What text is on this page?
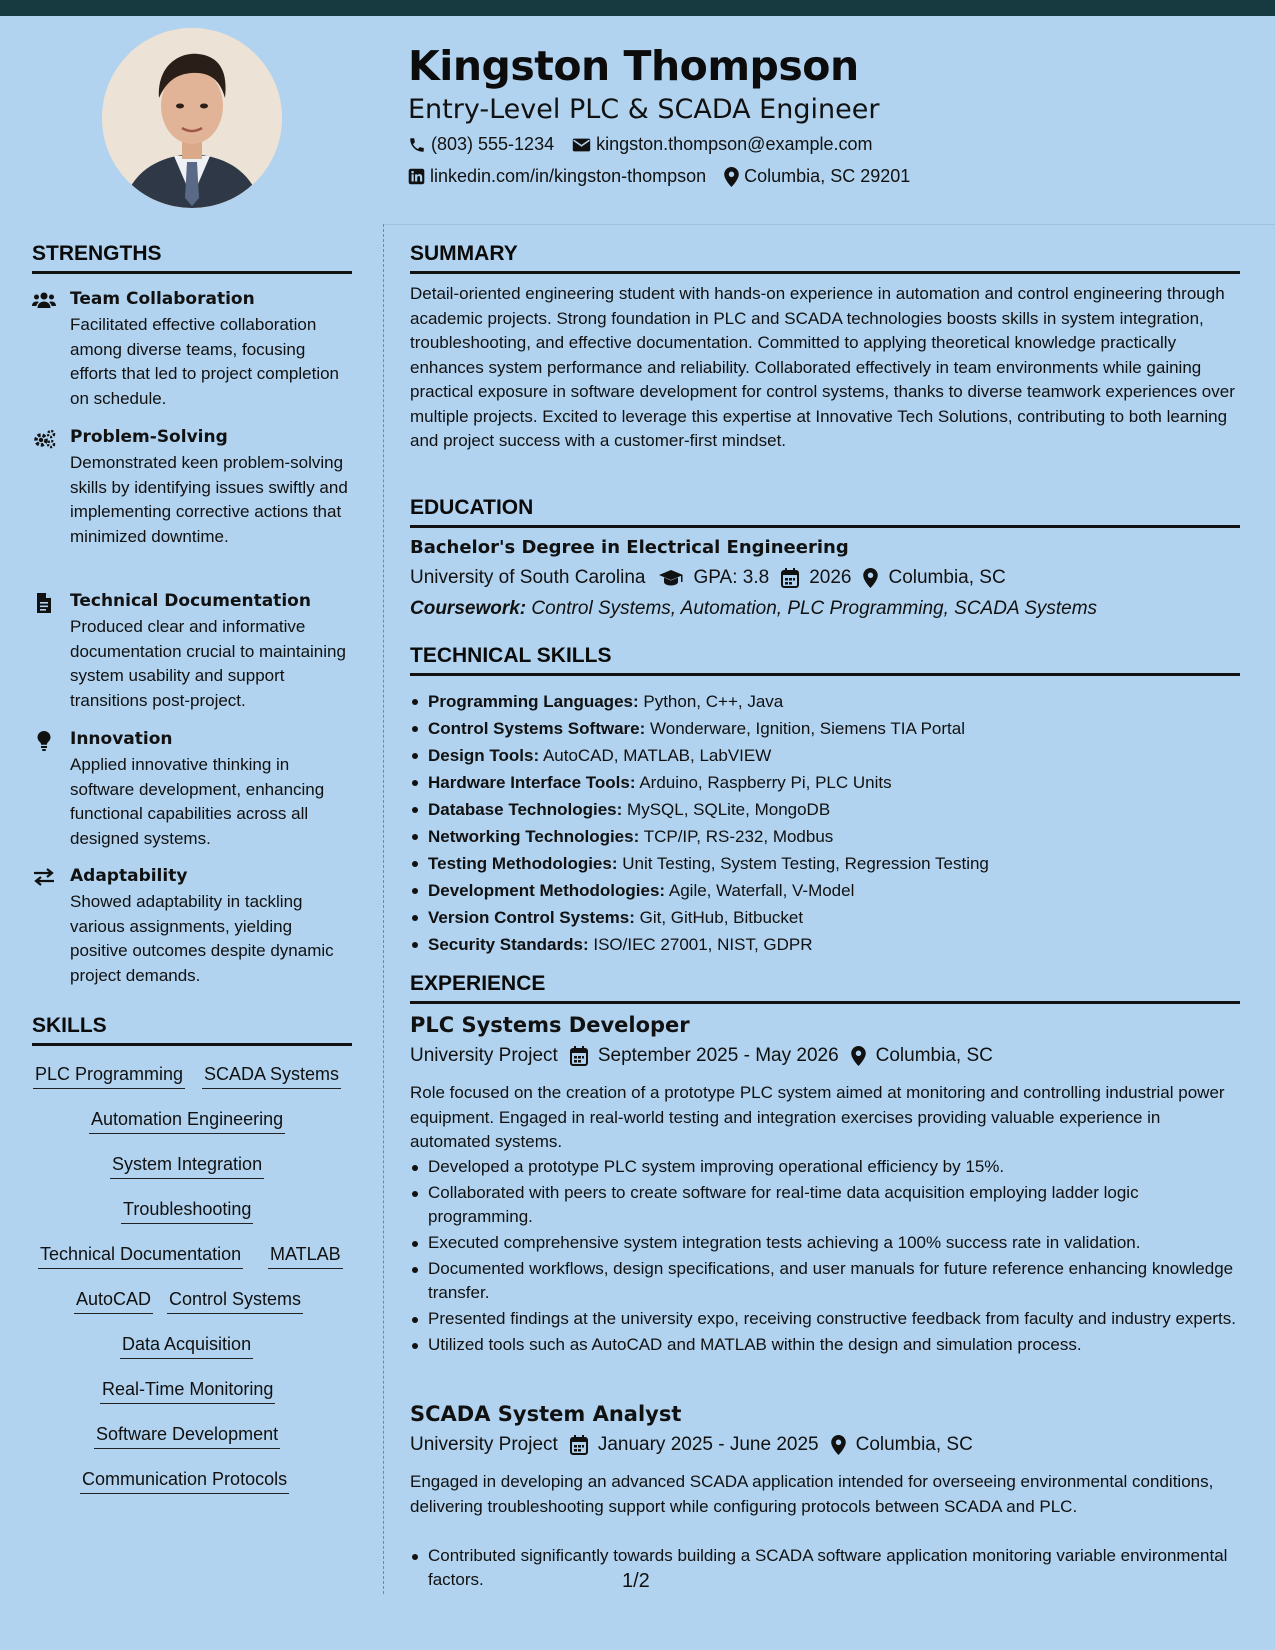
Kingston Thompson
Entry-Level PLC & SCADA Engineer
(803) 555-1234 kingston.thompson@example.com
linkedin.com/in/kingston-thompson Columbia, SC 29201
STRENGTHS
Team Collaboration
Facilitated effective collaboration among diverse teams, focusing efforts that led to project completion on schedule.
Problem-Solving
Demonstrated keen problem-solving skills by identifying issues swiftly and implementing corrective actions that minimized downtime.
Technical Documentation
Produced clear and informative documentation crucial to maintaining system usability and support transitions post-project.
Innovation
Applied innovative thinking in software development, enhancing functional capabilities across all designed systems.
Adaptability
Showed adaptability in tackling various assignments, yielding positive outcomes despite dynamic project demands.
SKILLS
PLC Programming SCADA Systems
Automation Engineering
System Integration
Troubleshooting
Technical Documentation MATLAB
AutoCAD Control Systems
Data Acquisition
Real-Time Monitoring
Software Development
Communication Protocols
SUMMARY
Detail-oriented engineering student with hands-on experience in automation and control engineering through academic projects. Strong foundation in PLC and SCADA technologies boosts skills in system integration, troubleshooting, and effective documentation. Committed to applying theoretical knowledge practically enhances system performance and reliability. Collaborated effectively in team environments while gaining practical exposure in software development for control systems, thanks to diverse teamwork experiences over multiple projects. Excited to leverage this expertise at Innovative Tech Solutions, contributing to both learning and project success with a customer-first mindset.
EDUCATION
Bachelor's Degree in Electrical Engineering
University of South Carolina	GPA: 3.8 2026 Columbia, SC
Coursework: Control Systems, Automation, PLC Programming, SCADA Systems
TECHNICAL SKILLS
Programming Languages: Python, C++, Java
Control Systems Software: Wonderware, Ignition, Siemens TIA Portal
Design Tools: AutoCAD, MATLAB, LabVIEW
Hardware Interface Tools: Arduino, Raspberry Pi, PLC Units
Database Technologies: MySQL, SQLite, MongoDB
Networking Technologies: TCP/IP, RS-232, Modbus
Testing Methodologies: Unit Testing, System Testing, Regression Testing
Development Methodologies: Agile, Waterfall, V-Model
Version Control Systems: Git, GitHub, Bitbucket
Security Standards: ISO/IEC 27001, NIST, GDPR
EXPERIENCE
PLC Systems Developer
University Project September 2025 - May 2026 Columbia, SC
Role focused on the creation of a prototype PLC system aimed at monitoring and controlling industrial power equipment. Engaged in real-world testing and integration exercises providing valuable experience in automated systems.
Developed a prototype PLC system improving operational efficiency by 15%.
Collaborated with peers to create software for real-time data acquisition employing ladder logic programming.
Executed comprehensive system integration tests achieving a 100% success rate in validation.
Documented workflows, design specifications, and user manuals for future reference enhancing knowledge transfer.
Presented findings at the university expo, receiving constructive feedback from faculty and industry experts.
Utilized tools such as AutoCAD and MATLAB within the design and simulation process.
SCADA System Analyst
University Project January 2025 - June 2025 Columbia, SC
Engaged in developing an advanced SCADA application intended for overseeing environmental conditions, delivering troubleshooting support while configuring protocols between SCADA and PLC.
Contributed significantly towards building a SCADA software application monitoring variable environmental factors.	1/2
